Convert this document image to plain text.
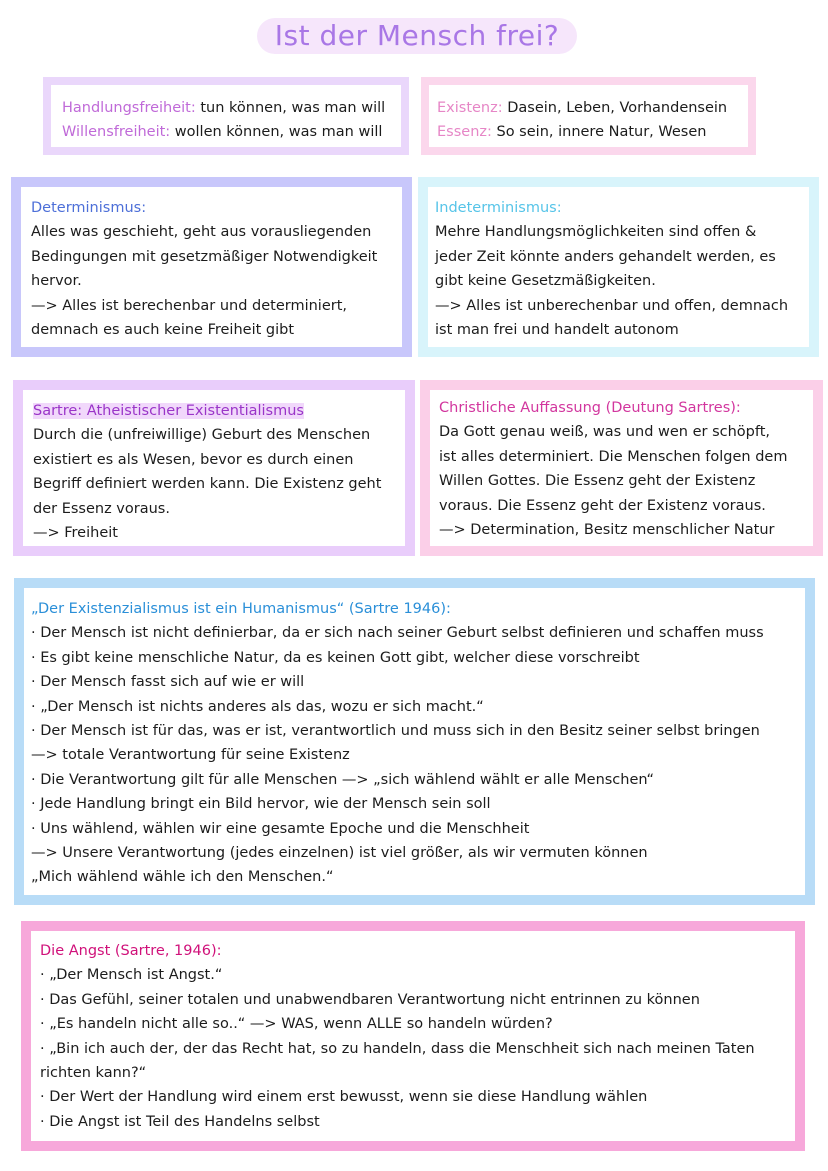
Ist der Mensch frei?
Handlungsfreiheit: tun können, was man will
Willensfreiheit: wollen können, was man will
Existenz: Dasein, Leben, Vorhandensein
Essenz: So sein, innere Natur, Wesen
Determinismus:
Alles was geschieht, geht aus vorausliegenden
Bedingungen mit gesetzmäßiger Notwendigkeit
hervor.
—> Alles ist berechenbar und determiniert,
demnach es auch keine Freiheit gibt
Indeterminismus:
Mehre Handlungsmöglichkeiten sind offen &
jeder Zeit könnte anders gehandelt werden, es
gibt keine Gesetzmäßigkeiten.
—> Alles ist unberechenbar und offen, demnach
ist man frei und handelt autonom
Sartre: Atheistischer Existentialismus
Durch die (unfreiwillige) Geburt des Menschen
existiert es als Wesen, bevor es durch einen
Begriff definiert werden kann. Die Existenz geht
der Essenz voraus.
—> Freiheit
Christliche Auffassung (Deutung Sartres):
Da Gott genau weiß, was und wen er schöpft,
ist alles determiniert. Die Menschen folgen dem
Willen Gottes. Die Essenz geht der Existenz
voraus. Die Essenz geht der Existenz voraus.
—> Determination, Besitz menschlicher Natur
„Der Existenzialismus ist ein Humanismus“ (Sartre 1946):
· Der Mensch ist nicht definierbar, da er sich nach seiner Geburt selbst definieren und schaffen muss
· Es gibt keine menschliche Natur, da es keinen Gott gibt, welcher diese vorschreibt
· Der Mensch fasst sich auf wie er will
· „Der Mensch ist nichts anderes als das, wozu er sich macht.“
· Der Mensch ist für das, was er ist, verantwortlich und muss sich in den Besitz seiner selbst bringen
—> totale Verantwortung für seine Existenz
· Die Verantwortung gilt für alle Menschen —> „sich wählend wählt er alle Menschen“
· Jede Handlung bringt ein Bild hervor, wie der Mensch sein soll
· Uns wählend, wählen wir eine gesamte Epoche und die Menschheit
—> Unsere Verantwortung (jedes einzelnen) ist viel größer, als wir vermuten können
„Mich wählend wähle ich den Menschen.“
Die Angst (Sartre, 1946):
· „Der Mensch ist Angst.“
· Das Gefühl, seiner totalen und unabwendbaren Verantwortung nicht entrinnen zu können
· „Es handeln nicht alle so..“ —> WAS, wenn ALLE so handeln würden?
· „Bin ich auch der, der das Recht hat, so zu handeln, dass die Menschheit sich nach meinen Taten
richten kann?“
· Der Wert der Handlung wird einem erst bewusst, wenn sie diese Handlung wählen
· Die Angst ist Teil des Handelns selbst
